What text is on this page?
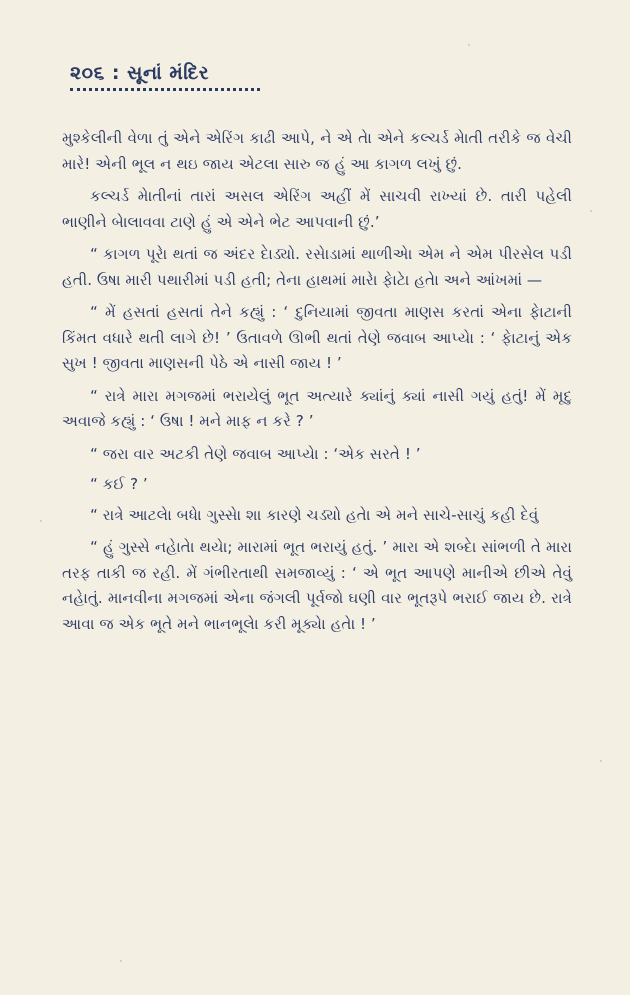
૨૦૬ : સૂનાં મંદિર

મુશ્કેલીની વેળા તું એને એરિંગ કાઢી આપે, ને એ તેા એને કલ્ચર્ડ મેાતી તરીકે જ વેચી મારે! એની ભૂલ ન થઇ જાય એટલા સારુ જ હું આ કાગળ લખું છું.

કલ્ચર્ડ મેાતીનાં તારાં અસલ એરિંગ અહીં મેં સાચવી રાખ્યાં છે. તારી પહેલી ભાણીને બેાલાવવા ટાણે હું એ એને ભેટ આપવાની છું.’

“ કાગળ પૂરેા થતાં જ અંદર દેાડ્યો. રસેાડામાં થાળીએા એમ ને એમ પીરસેલ પડી હતી. ઉષા મારી પથારીમાં પડી હતી; તેના હાથમાં મારેા ફેાટેા હતેા અને આંખમાં —

“ મેં હસતાં હસતાં તેને કહ્યું : ‘ દુનિયામાં જીવતા માણસ કરતાં એના ફેાટાની કિંમત વધારે થતી લાગે છે! ’ ઉતાવળે ઊભી થતાં તેણે જવાબ આપ્યેા : ‘ ફેાટાનું એક સુખ ! જીવતા માણસની પેઠે એ નાસી જાય ! ’

“ રાત્રે મારા મગજમાં ભરાયેલું ભૂત અત્યારે ક્યાંનું ક્યાં નાસી ગયું હતું! મેં મૃદુ અવાજે કહ્યું : ‘ ઉષા ! મને માફ ન કરે ? ’

“ જરા વાર અટકી તેણે જવાબ આપ્યેા : ‘એક સરતે ! ’

“ કઈ ? ’

“ રાત્રે આટલેા બધેા ગુસ્સેા શા કારણે ચડ્યો હતેા એ મને સાચે-સાચું કહી દેવું

“ હું ગુસ્સે નહેાતેા થયેા; મારામાં ભૂત ભરાયું હતું. ’ મારા એ શબ્દેા સાંભળી તે મારા તરફ તાકી જ રહી. મેં ગંભીરતાથી સમજાવ્યું : ‘ એ ભૂત આપણે માનીએ છીએ તેવું નહેાતું. માનવીના મગજમાં એના જંગલી પૂર્વજો ઘણી વાર ભૂતરૂપે ભરાઈ જાય છે. રાત્રે આવા જ એક ભૂતે મને ભાનભૂલેા કરી મૂક્યેા હતેા ! ’
